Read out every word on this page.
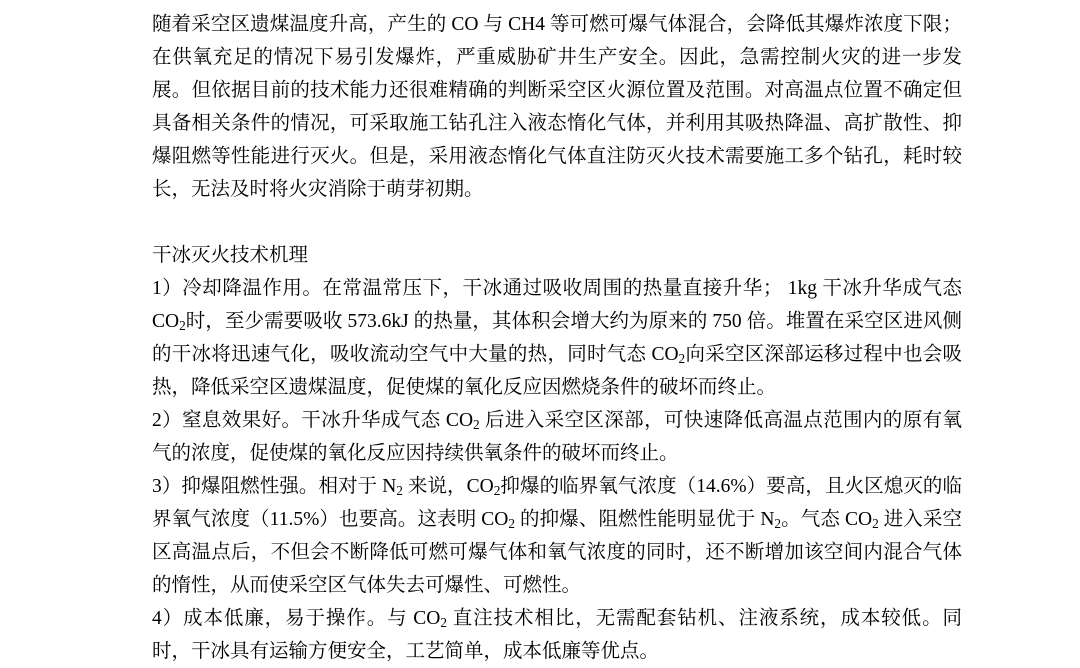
随着采空区遗煤温度升高，产生的 CO 与 CH4 等可燃可爆气体混合，会降低其爆炸浓度下限；在供氧充足的情况下易引发爆炸，严重威胁矿井生产安全。因此，急需控制火灾的进一步发展。但依据目前的技术能力还很难精确的判断采空区火源位置及范围。对高温点位置不确定但具备相关条件的情况，可采取施工钻孔注入液态惰化气体，并利用其吸热降温、高扩散性、抑爆阻燃等性能进行灭火。但是，采用液态惰化气体直注防灭火技术需要施工多个钻孔，耗时较长，无法及时将火灾消除于萌芽初期。

干冰灭火技术机理

1）冷却降温作用。在常温常压下，干冰通过吸收周围的热量直接升华； 1kg 干冰升华成气态 $CO_2$时，至少需要吸收 573.6kJ 的热量，其体积会增大约为原来的 750 倍。堆置在采空区进风侧的干冰将迅速气化，吸收流动空气中大量的热，同时气态 $CO_2$向采空区深部运移过程中也会吸热，降低采空区遗煤温度，促使煤的氧化反应因燃烧条件的破坏而终止。

2）窒息效果好。干冰升华成气态 $CO_2$ 后进入采空区深部，可快速降低高温点范围内的原有氧气的浓度，促使煤的氧化反应因持续供氧条件的破坏而终止。

3）抑爆阻燃性强。相对于 $N_2$ 来说，$CO_2$抑爆的临界氧气浓度（14.6%）要高，且火区熄灭的临界氧气浓度（11.5%）也要高。这表明 $CO_2$ 的抑爆、阻燃性能明显优于 $N_2$。气态 $CO_2$ 进入采空区高温点后，不但会不断降低可燃可爆气体和氧气浓度的同时，还不断增加该空间内混合气体的惰性，从而使采空区气体失去可爆性、可燃性。

4）成本低廉，易于操作。与 $CO_2$ 直注技术相比，无需配套钻机、注液系统，成本较低。同时，干冰具有运输方便安全，工艺简单，成本低廉等优点。
